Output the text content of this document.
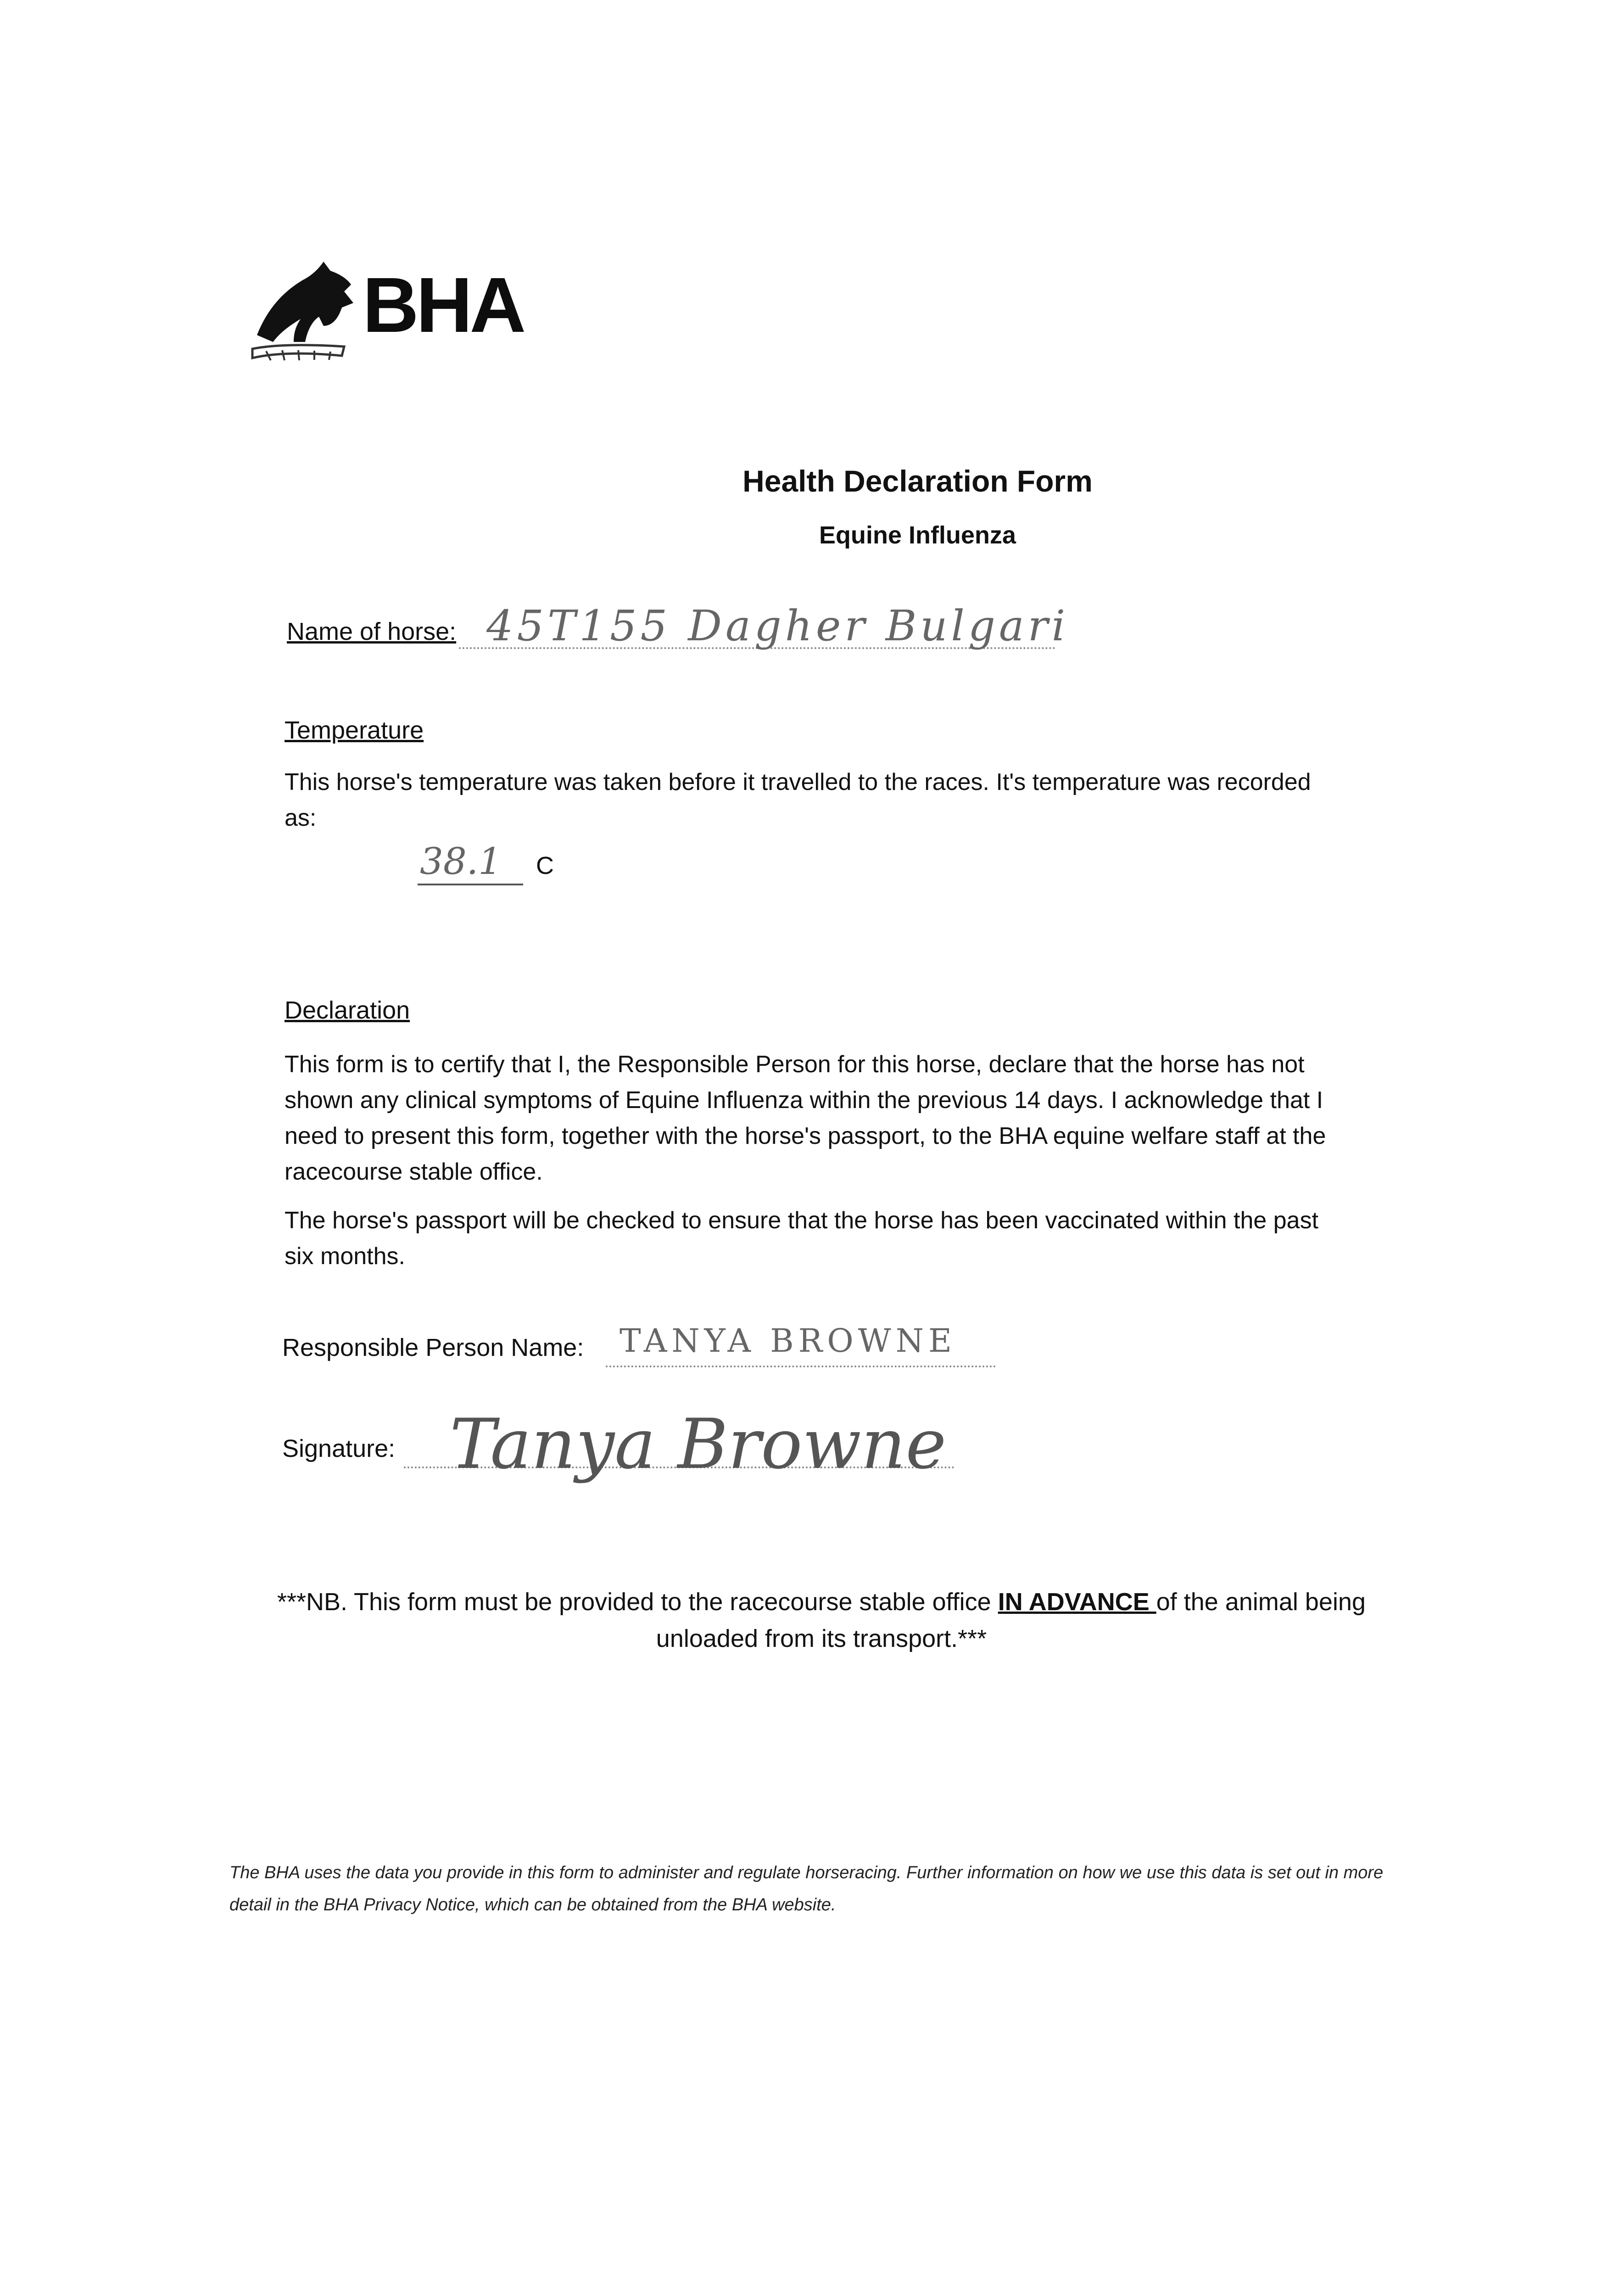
BHA
Health Declaration Form
Equine Influenza
Name of horse: 45T155 Dagher Bulgari
Temperature
This horse's temperature was taken before it travelled to the races. It's temperature was recorded as:
38.1 C
Declaration
This form is to certify that I, the Responsible Person for this horse, declare that the horse has not shown any clinical symptoms of Equine Influenza within the previous 14 days. I acknowledge that I need to present this form, together with the horse's passport, to the BHA equine welfare staff at the racecourse stable office.
The horse's passport will be checked to ensure that the horse has been vaccinated within the past six months.
Responsible Person Name: TANYA BROWNE
Signature: Tanya Browne
***NB. This form must be provided to the racecourse stable office IN ADVANCE of the animal being unloaded from its transport.***
The BHA uses the data you provide in this form to administer and regulate horseracing. Further information on how we use this data is set out in more detail in the BHA Privacy Notice, which can be obtained from the BHA website.
